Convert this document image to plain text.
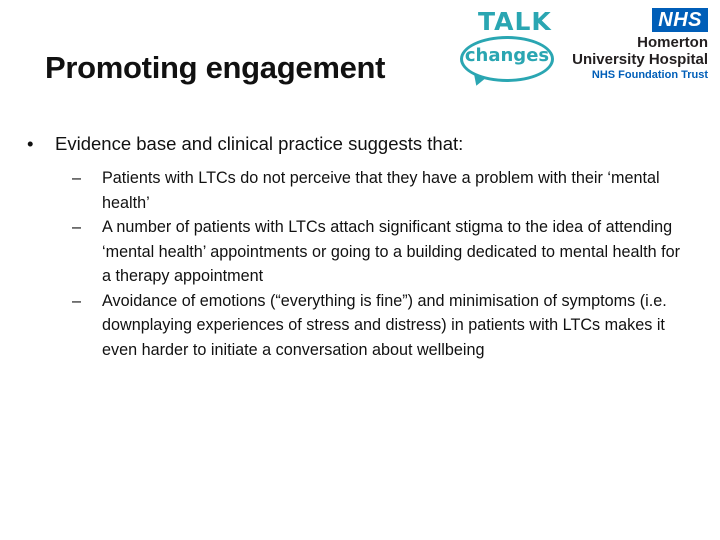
Promoting engagement
TALK
changes
NHS
Homerton
University Hospital
NHS Foundation Trust
• Evidence base and clinical practice suggests that:
– Patients with LTCs do not perceive that they have a problem with their ‘mental health’
– A number of patients with LTCs attach significant stigma to the idea of attending ‘mental health’ appointments or going to a building dedicated to mental health for a therapy appointment
– Avoidance of emotions (“everything is fine”) and minimisation of symptoms (i.e. downplaying experiences of stress and distress) in patients with LTCs makes it even harder to initiate a conversation about wellbeing
